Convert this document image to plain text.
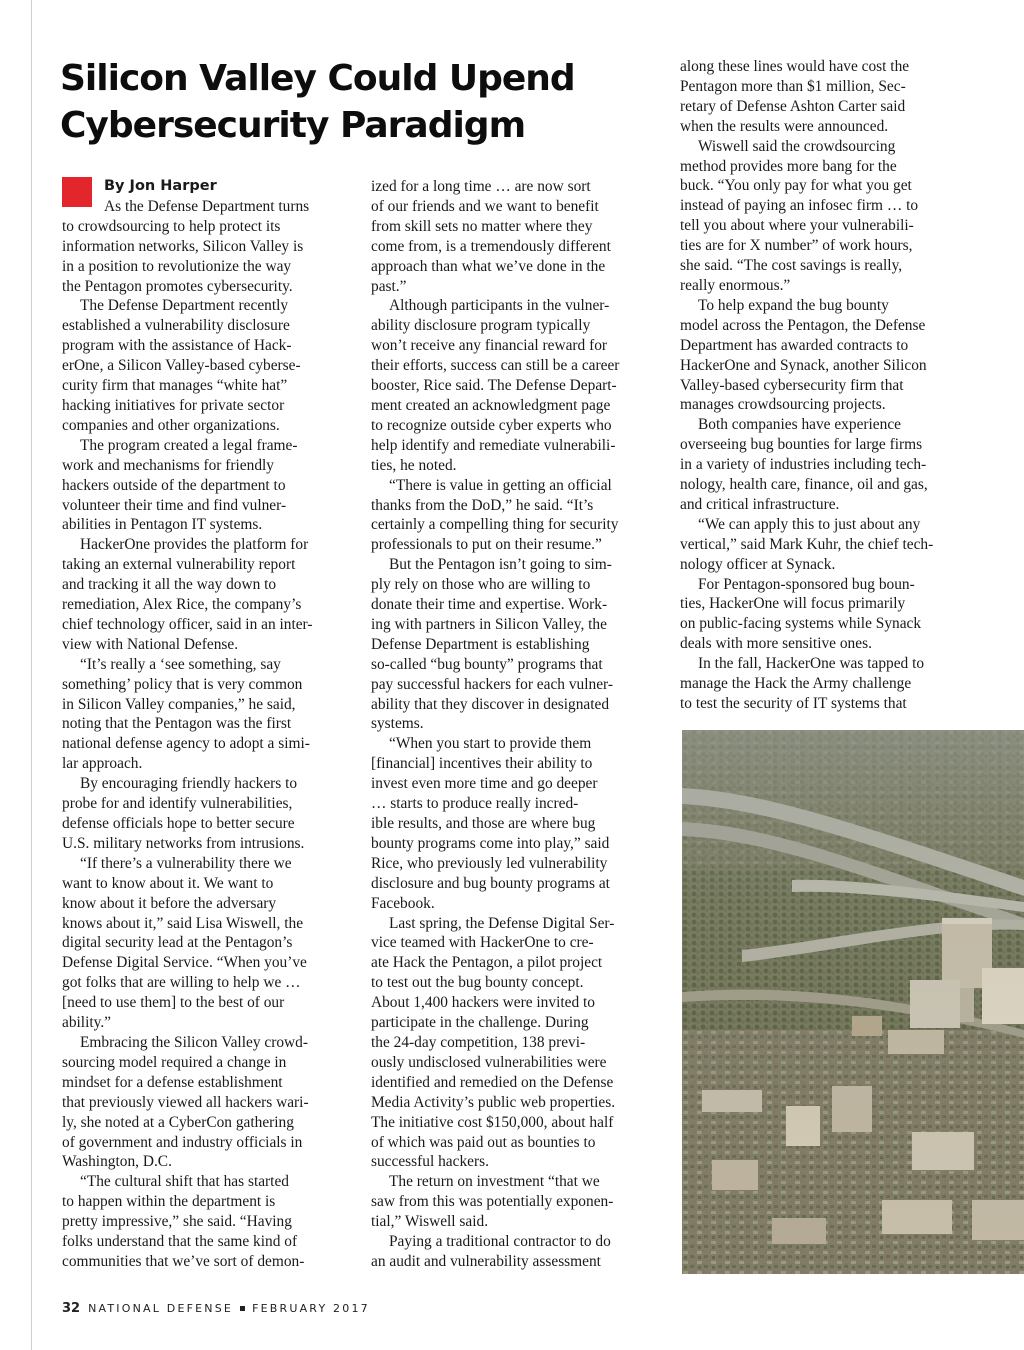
Silicon Valley Could Upend
Cybersecurity Paradigm
By Jon Harper

As the Defense Department turns

to crowdsourcing to help protect its
information networks, Silicon Valley is
in a position to revolutionize the way
the Pentagon promotes cybersecurity.

The Defense Department recently
established a vulnerability disclosure
program with the assistance of Hack-
erOne, a Silicon Valley-based cyberse-
curity firm that manages “white hat”
hacking initiatives for private sector
companies and other organizations.

The program created a legal frame-
work and mechanisms for friendly
hackers outside of the department to
volunteer their time and find vulner-
abilities in Pentagon IT systems.

HackerOne provides the platform for
taking an external vulnerability report
and tracking it all the way down to
remediation, Alex Rice, the company’s
chief technology officer, said in an inter-
view with National Defense.

“It’s really a ‘see something, say
something’ policy that is very common
in Silicon Valley companies,” he said,
noting that the Pentagon was the first
national defense agency to adopt a simi-
lar approach.

By encouraging friendly hackers to
probe for and identify vulnerabilities,
defense officials hope to better secure
U.S. military networks from intrusions.

“If there’s a vulnerability there we
want to know about it. We want to
know about it before the adversary
knows about it,” said Lisa Wiswell, the
digital security lead at the Pentagon’s
Defense Digital Service. “When you’ve
got folks that are willing to help we …
[need to use them] to the best of our
ability.”

Embracing the Silicon Valley crowd-
sourcing model required a change in
mindset for a defense establishment
that previously viewed all hackers wari-
ly, she noted at a CyberCon gathering
of government and industry officials in
Washington, D.C.

“The cultural shift that has started
to happen within the department is
pretty impressive,” she said. “Having
folks understand that the same kind of
communities that we’ve sort of demon-

ized for a long time … are now sort
of our friends and we want to benefit
from skill sets no matter where they
come from, is a tremendously different
approach than what we’ve done in the
past.”

Although participants in the vulner-
ability disclosure program typically
won’t receive any financial reward for
their efforts, success can still be a career
booster, Rice said. The Defense Depart-
ment created an acknowledgment page
to recognize outside cyber experts who
help identify and remediate vulnerabili-
ties, he noted.

“There is value in getting an official
thanks from the DoD,” he said. “It’s
certainly a compelling thing for security
professionals to put on their resume.”

But the Pentagon isn’t going to sim-
ply rely on those who are willing to
donate their time and expertise. Work-
ing with partners in Silicon Valley, the
Defense Department is establishing
so-called “bug bounty” programs that
pay successful hackers for each vulner-
ability that they discover in designated
systems.

“When you start to provide them
[financial] incentives their ability to
invest even more time and go deeper
… starts to produce really incred-
ible results, and those are where bug
bounty programs come into play,” said
Rice, who previously led vulnerability
disclosure and bug bounty programs at
Facebook.

Last spring, the Defense Digital Ser-
vice teamed with HackerOne to cre-
ate Hack the Pentagon, a pilot project
to test out the bug bounty concept.
About 1,400 hackers were invited to
participate in the challenge. During
the 24-day competition, 138 previ-
ously undisclosed vulnerabilities were
identified and remedied on the Defense
Media Activity’s public web properties.
The initiative cost $150,000, about half
of which was paid out as bounties to
successful hackers.

The return on investment “that we
saw from this was potentially exponen-
tial,” Wiswell said.

Paying a traditional contractor to do
an audit and vulnerability assessment

along these lines would have cost the
Pentagon more than $1 million, Sec-
retary of Defense Ashton Carter said
when the results were announced.

Wiswell said the crowdsourcing
method provides more bang for the
buck. “You only pay for what you get
instead of paying an infosec firm … to
tell you about where your vulnerabili-
ties are for X number” of work hours,
she said. “The cost savings is really,
really enormous.”

To help expand the bug bounty
model across the Pentagon, the Defense
Department has awarded contracts to
HackerOne and Synack, another Silicon
Valley-based cybersecurity firm that
manages crowdsourcing projects.

Both companies have experience
overseeing bug bounties for large firms
in a variety of industries including tech-
nology, health care, finance, oil and gas,
and critical infrastructure.

“We can apply this to just about any
vertical,” said Mark Kuhr, the chief tech-
nology officer at Synack.

For Pentagon-sponsored bug boun-
ties, HackerOne will focus primarily
on public-facing systems while Synack
deals with more sensitive ones.

In the fall, HackerOne was tapped to
manage the Hack the Army challenge
to test the security of IT systems that

32 NATIONAL DEFENSE FEBRUARY 2017
